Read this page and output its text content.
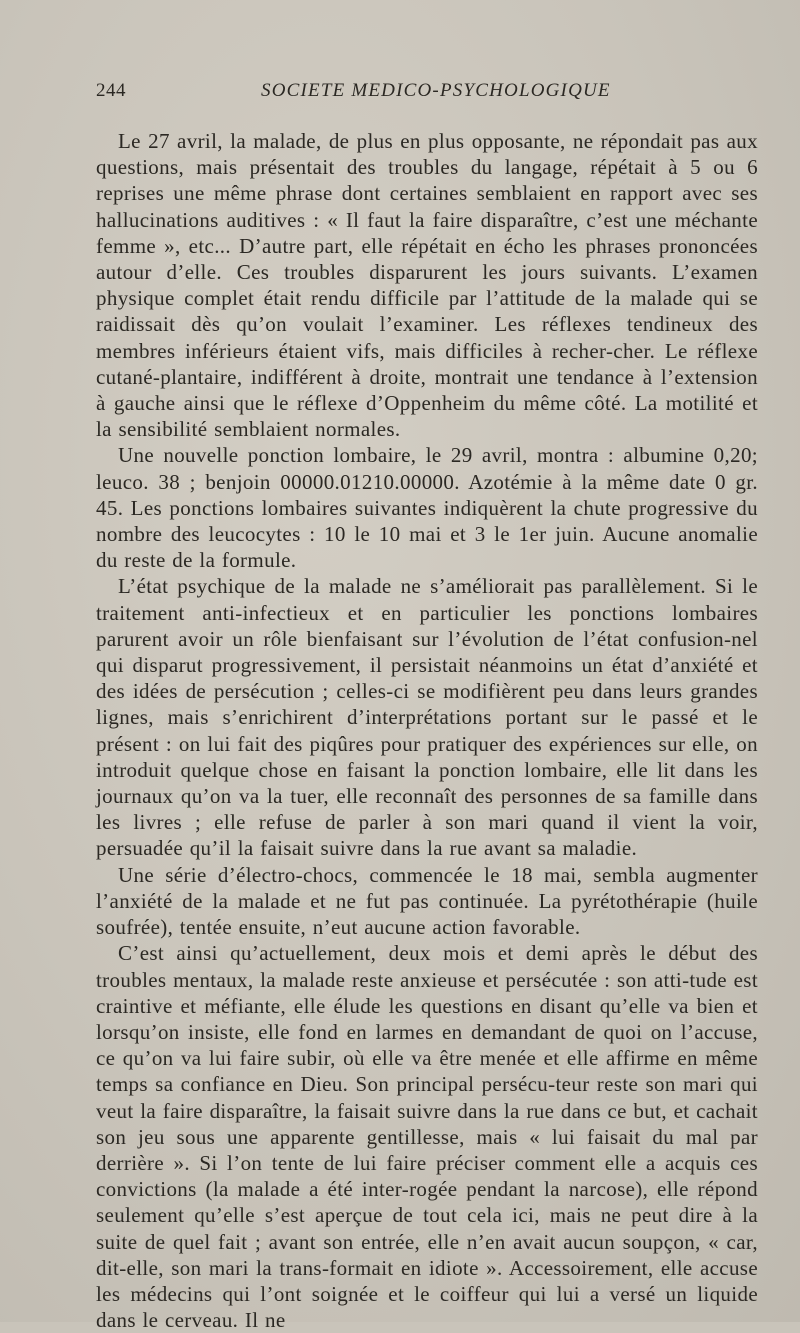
244	SOCIETE MEDICO-PSYCHOLOGIQUE

Le 27 avril, la malade, de plus en plus opposante, ne répondait pas aux questions, mais présentait des troubles du langage, répétait à 5 ou 6 reprises une même phrase dont certaines semblaient en rapport avec ses hallucinations auditives : « Il faut la faire disparaître, c’est une méchante femme », etc... D’autre part, elle répétait en écho les phrases prononcées autour d’elle. Ces troubles disparurent les jours suivants. L’examen physique complet était rendu difficile par l’attitude de la malade qui se raidissait dès qu’on voulait l’examiner. Les réflexes tendineux des membres inférieurs étaient vifs, mais difficiles à recher-cher. Le réflexe cutané-plantaire, indifférent à droite, montrait une tendance à l’extension à gauche ainsi que le réflexe d’Oppenheim du même côté. La motilité et la sensibilité semblaient normales.

Une nouvelle ponction lombaire, le 29 avril, montra : albumine 0,20; leuco. 38 ; benjoin 00000.01210.00000. Azotémie à la même date 0 gr. 45. Les ponctions lombaires suivantes indiquèrent la chute progressive du nombre des leucocytes : 10 le 10 mai et 3 le 1er juin. Aucune anomalie du reste de la formule.

L’état psychique de la malade ne s’améliorait pas parallèlement. Si le traitement anti-infectieux et en particulier les ponctions lombaires parurent avoir un rôle bienfaisant sur l’évolution de l’état confusion-nel qui disparut progressivement, il persistait néanmoins un état d’anxiété et des idées de persécution ; celles-ci se modifièrent peu dans leurs grandes lignes, mais s’enrichirent d’interprétations portant sur le passé et le présent : on lui fait des piqûres pour pratiquer des expériences sur elle, on introduit quelque chose en faisant la ponction lombaire, elle lit dans les journaux qu’on va la tuer, elle reconnaît des personnes de sa famille dans les livres ; elle refuse de parler à son mari quand il vient la voir, persuadée qu’il la faisait suivre dans la rue avant sa maladie.

Une série d’électro-chocs, commencée le 18 mai, sembla augmenter l’anxiété de la malade et ne fut pas continuée. La pyrétothérapie (huile soufrée), tentée ensuite, n’eut aucune action favorable.

C’est ainsi qu’actuellement, deux mois et demi après le début des troubles mentaux, la malade reste anxieuse et persécutée : son atti-tude est craintive et méfiante, elle élude les questions en disant qu’elle va bien et lorsqu’on insiste, elle fond en larmes en demandant de quoi on l’accuse, ce qu’on va lui faire subir, où elle va être menée et elle affirme en même temps sa confiance en Dieu. Son principal persécu-teur reste son mari qui veut la faire disparaître, la faisait suivre dans la rue dans ce but, et cachait son jeu sous une apparente gentillesse, mais « lui faisait du mal par derrière ». Si l’on tente de lui faire préciser comment elle a acquis ces convictions (la malade a été inter-rogée pendant la narcose), elle répond seulement qu’elle s’est aperçue de tout cela ici, mais ne peut dire à la suite de quel fait ; avant son entrée, elle n’en avait aucun soupçon, « car, dit-elle, son mari la trans-formait en idiote ». Accessoirement, elle accuse les médecins qui l’ont soignée et le coiffeur qui lui a versé un liquide dans le cerveau. Il ne
